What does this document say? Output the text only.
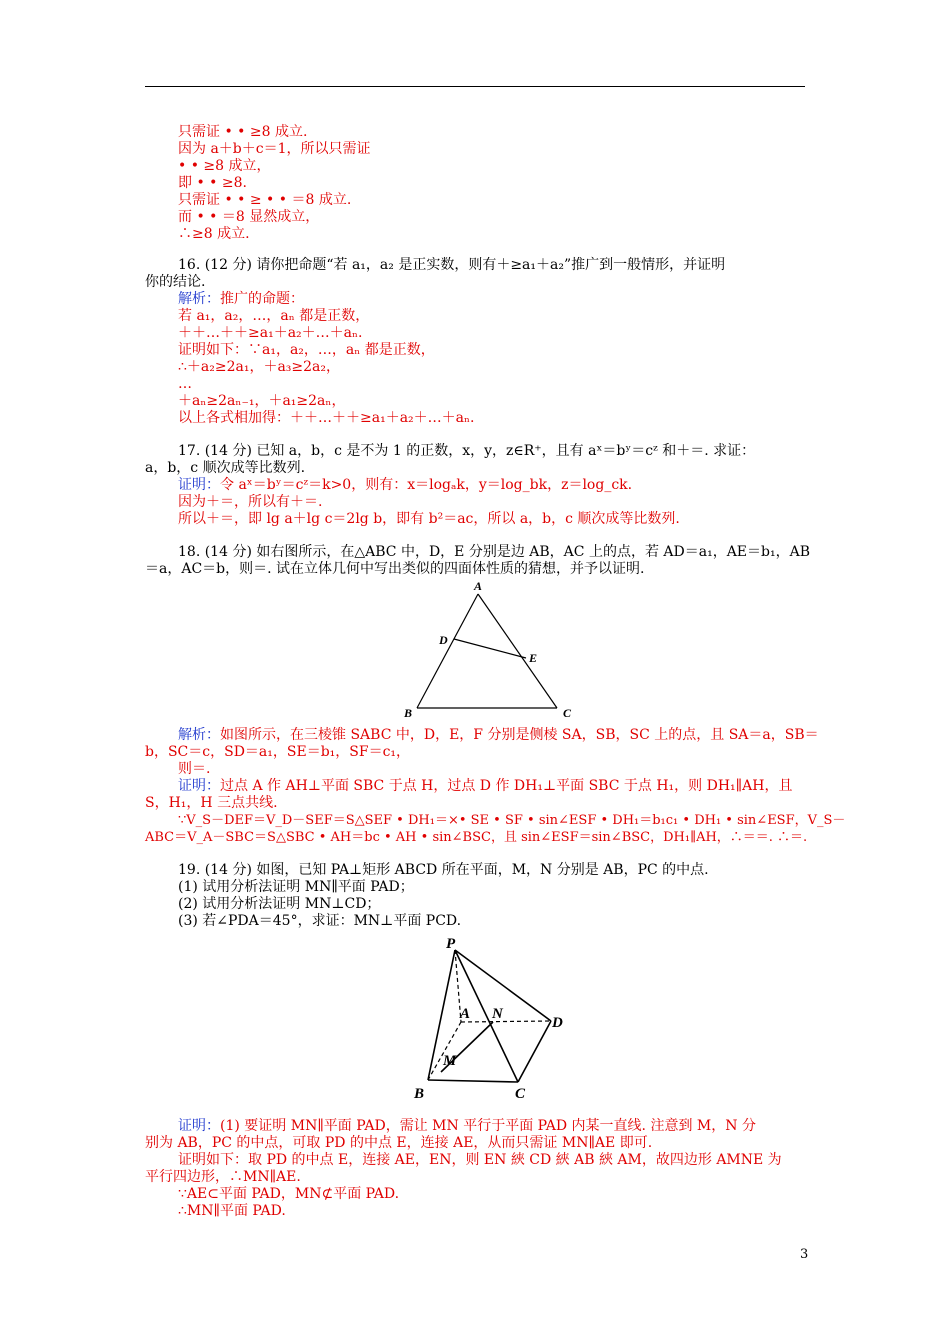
只需证 • • ≥8 成立.
因为 a＋b＋c＝1，所以只需证
• • ≥8 成立，
即 • • ≥8.
只需证 • • ≥ • • ＝8 成立.
而 • • ＝8 显然成立，
∴≥8 成立.
16. (12 分) 请你把命题“若 a₁，a₂ 是正实数，则有＋≥a₁＋a₂”推广到一般情形，并证明
你的结论.
解析：推广的命题：
若 a₁，a₂，…，aₙ 都是正数，
＋＋…＋＋≥a₁＋a₂＋…＋aₙ.
证明如下：∵a₁，a₂，…，aₙ 都是正数，
∴＋a₂≥2a₁，＋a₃≥2a₂，
…
＋aₙ≥2aₙ₋₁，＋a₁≥2aₙ，
以上各式相加得：＋＋…＋＋≥a₁＋a₂＋…＋aₙ.
17. (14 分) 已知 a，b，c 是不为 1 的正数，x，y，z∈R⁺，且有 aˣ＝bʸ＝cᶻ 和＋＝. 求证：
a，b，c 顺次成等比数列.
证明：令 aˣ＝bʸ＝cᶻ＝k>0，则有：x＝logₐk，y＝log_bk，z＝log_ck.
因为＋＝，所以有＋＝.
所以＋＝，即 lg a＋lg c＝2lg b，即有 b²＝ac，所以 a，b，c 顺次成等比数列.
18. (14 分) 如右图所示，在△ABC 中，D，E 分别是边 AB，AC 上的点，若 AD＝a₁，AE＝b₁，AB
＝a，AC＝b，则＝. 试在立体几何中写出类似的四面体性质的猜想，并予以证明.
A
D
E
B	C
解析：如图所示，在三棱锥 SABC 中，D，E，F 分别是侧棱 SA，SB，SC 上的点，且 SA＝a，SB＝
b，SC＝c，SD＝a₁，SE＝b₁，SF＝c₁，
则＝.
证明：过点 A 作 AH⊥平面 SBC 于点 H，过点 D 作 DH₁⊥平面 SBC 于点 H₁，则 DH₁∥AH，且
S，H₁，H 三点共线.
∵V_S－DEF＝V_D－SEF＝S△SEF • DH₁＝×• SE • SF • sin∠ESF • DH₁＝b₁c₁ • DH₁ • sin∠ESF，V_S－
ABC＝V_A－SBC＝S△SBC • AH＝bc • AH • sin∠BSC，且 sin∠ESF＝sin∠BSC，DH₁∥AH，∴＝＝. ∴＝.
19. (14 分) 如图，已知 PA⊥矩形 ABCD 所在平面，M，N 分别是 AB，PC 的中点.
(1) 试用分析法证明 MN∥平面 PAD；
(2) 试用分析法证明 MN⊥CD；
(3) 若∠PDA＝45°，求证：MN⊥平面 PCD.
P
A N
D
M
B	C
证明：(1) 要证明 MN∥平面 PAD，需让 MN 平行于平面 PAD 内某一直线. 注意到 M，N 分
别为 AB，PC 的中点，可取 PD 的中点 E，连接 AE，从而只需证 MN∥AE 即可.
证明如下：取 PD 的中点 E，连接 AE，EN，则 EN 綊 CD 綊 AB 綊 AM，故四边形 AMNE 为
平行四边形，∴MN∥AE.
∵AE⊂平面 PAD，MN⊄平面 PAD.
∴MN∥平面 PAD.
3
